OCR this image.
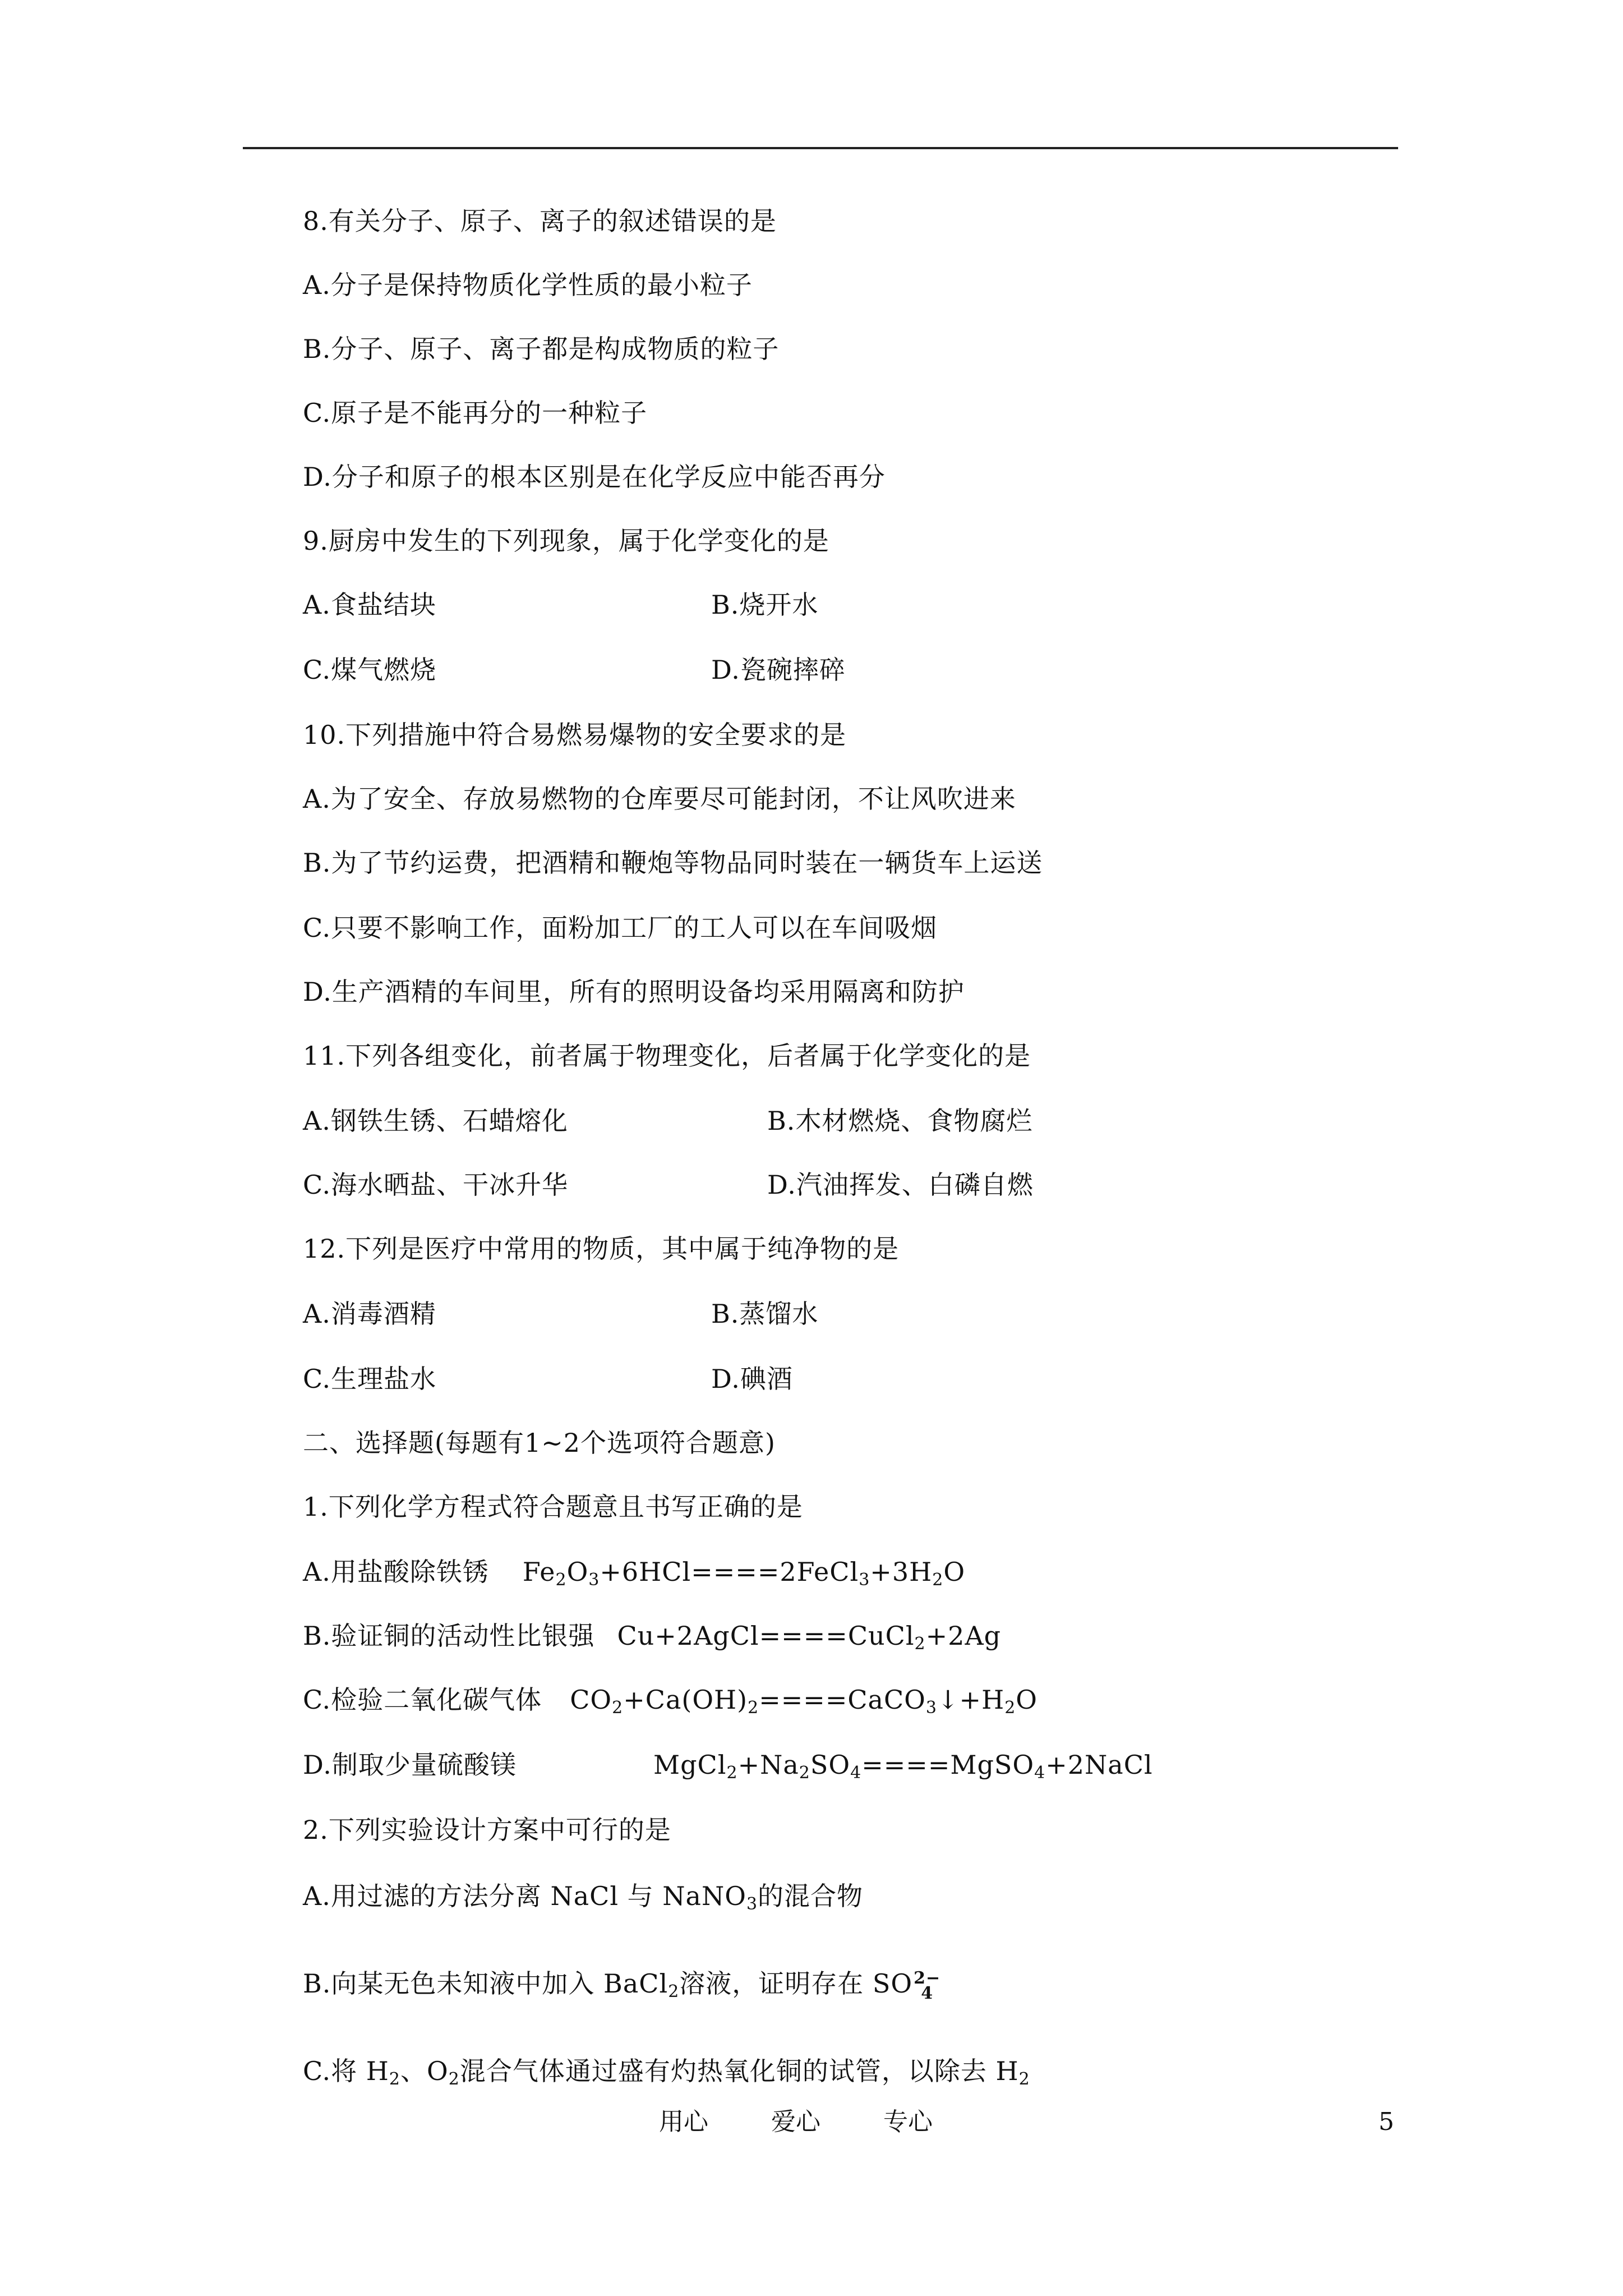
8.有关分子、原子、离子的叙述错误的是
A.分子是保持物质化学性质的最小粒子
B.分子、原子、离子都是构成物质的粒子
C.原子是不能再分的一种粒子
D.分子和原子的根本区别是在化学反应中能否再分
9.厨房中发生的下列现象，属于化学变化的是
A.食盐结块	B.烧开水
C.煤气燃烧	D.瓷碗摔碎
10.下列措施中符合易燃易爆物的安全要求的是
A.为了安全、存放易燃物的仓库要尽可能封闭，不让风吹进来
B.为了节约运费，把酒精和鞭炮等物品同时装在一辆货车上运送
C.只要不影响工作，面粉加工厂的工人可以在车间吸烟
D.生产酒精的车间里，所有的照明设备均采用隔离和防护
11.下列各组变化，前者属于物理变化，后者属于化学变化的是
A.钢铁生锈、石蜡熔化	B.木材燃烧、食物腐烂
C.海水晒盐、干冰升华	D.汽油挥发、白磷自燃
12.下列是医疗中常用的物质，其中属于纯净物的是
A.消毒酒精	B.蒸馏水
C.生理盐水	D.碘酒
二、选择题(每题有1~2个选项符合题意)
1.下列化学方程式符合题意且书写正确的是
A.用盐酸除铁锈 $Fe_2O_3+6HCl====2FeCl_3+3H_2O$
B.验证铜的活动性比银强 Cu+2AgCl====CuCl$_2$+2Ag
C.检验二氧化碳气体 $CO_2+Ca(OH)_2====CaCO_3↓+H_2O$
D.制取少量硫酸镁	$MgCl_2+Na_2SO_4====MgSO_4+2NaCl$
2.下列实验设计方案中可行的是
A.用过滤的方法分离 NaCl 与 NaNO$_3$的混合物
B.向某无色未知液中加入 BaCl$_2$溶液，证明存在 SO 2−
4
C.将 $H_2$、$O_2$混合气体通过盛有灼热氧化铜的试管，以除去 $H_2$
用心	爱心	专心	5
